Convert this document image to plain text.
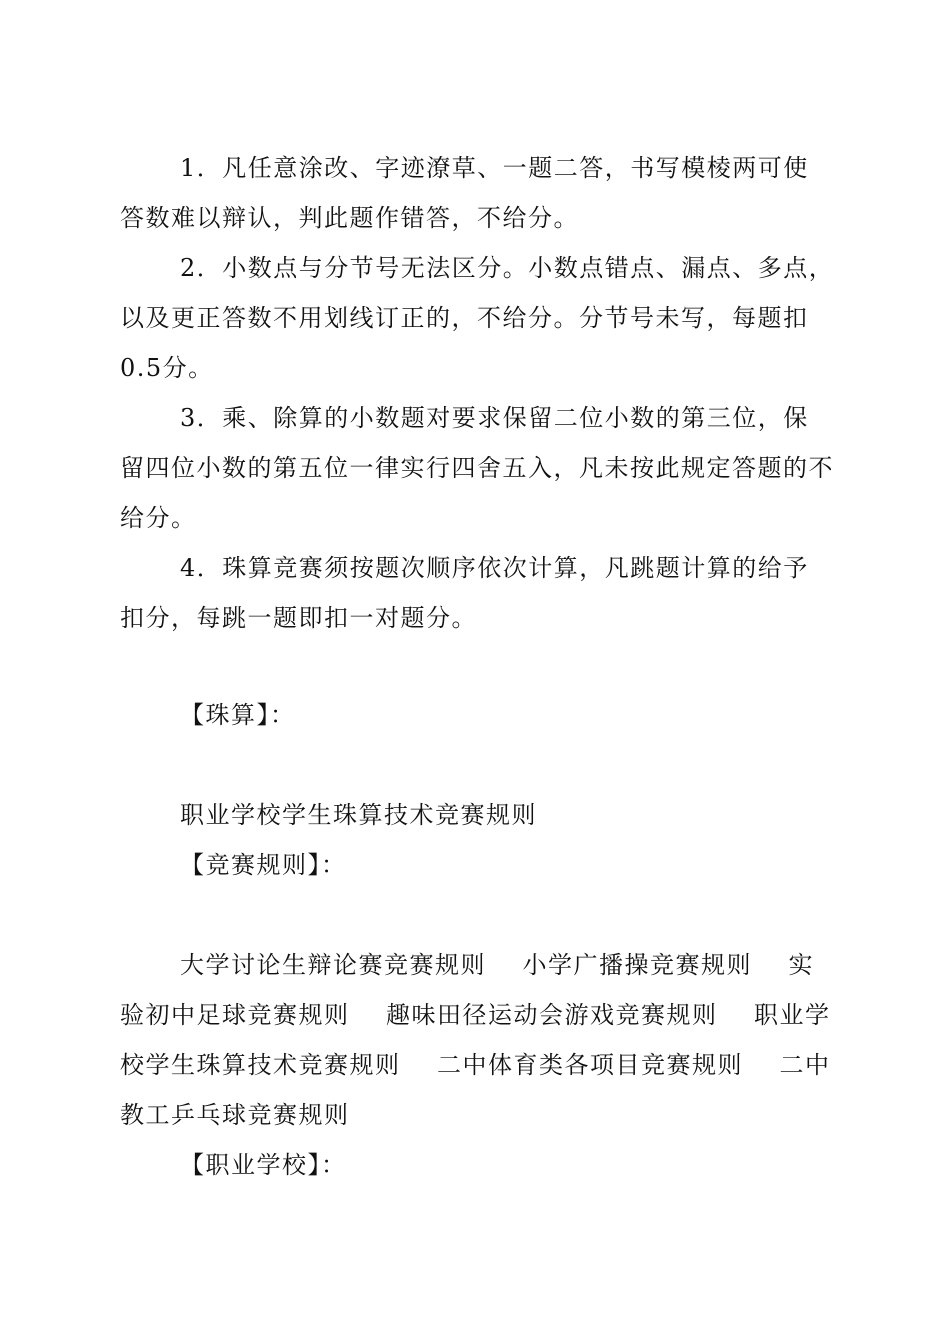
1．凡任意涂改、字迹潦草、一题二答，书写模棱两可使
答数难以辩认，判此题作错答，不给分。
2．小数点与分节号无法区分。小数点错点、漏点、多点，
以及更正答数不用划线订正的，不给分。分节号未写，每题扣
0.5分。
3．乘、除算的小数题对要求保留二位小数的第三位，保
留四位小数的第五位一律实行四舍五入，凡未按此规定答题的不
给分。
4．珠算竞赛须按题次顺序依次计算，凡跳题计算的给予
扣分，每跳一题即扣一对题分。
【珠算】：
职业学校学生珠算技术竞赛规则
【竞赛规则】：
大学讨论生辩论赛竞赛规则    小学广播操竞赛规则    实
验初中足球竞赛规则    趣味田径运动会游戏竞赛规则    职业学
校学生珠算技术竞赛规则    二中体育类各项目竞赛规则    二中
教工乒乓球竞赛规则
【职业学校】：
